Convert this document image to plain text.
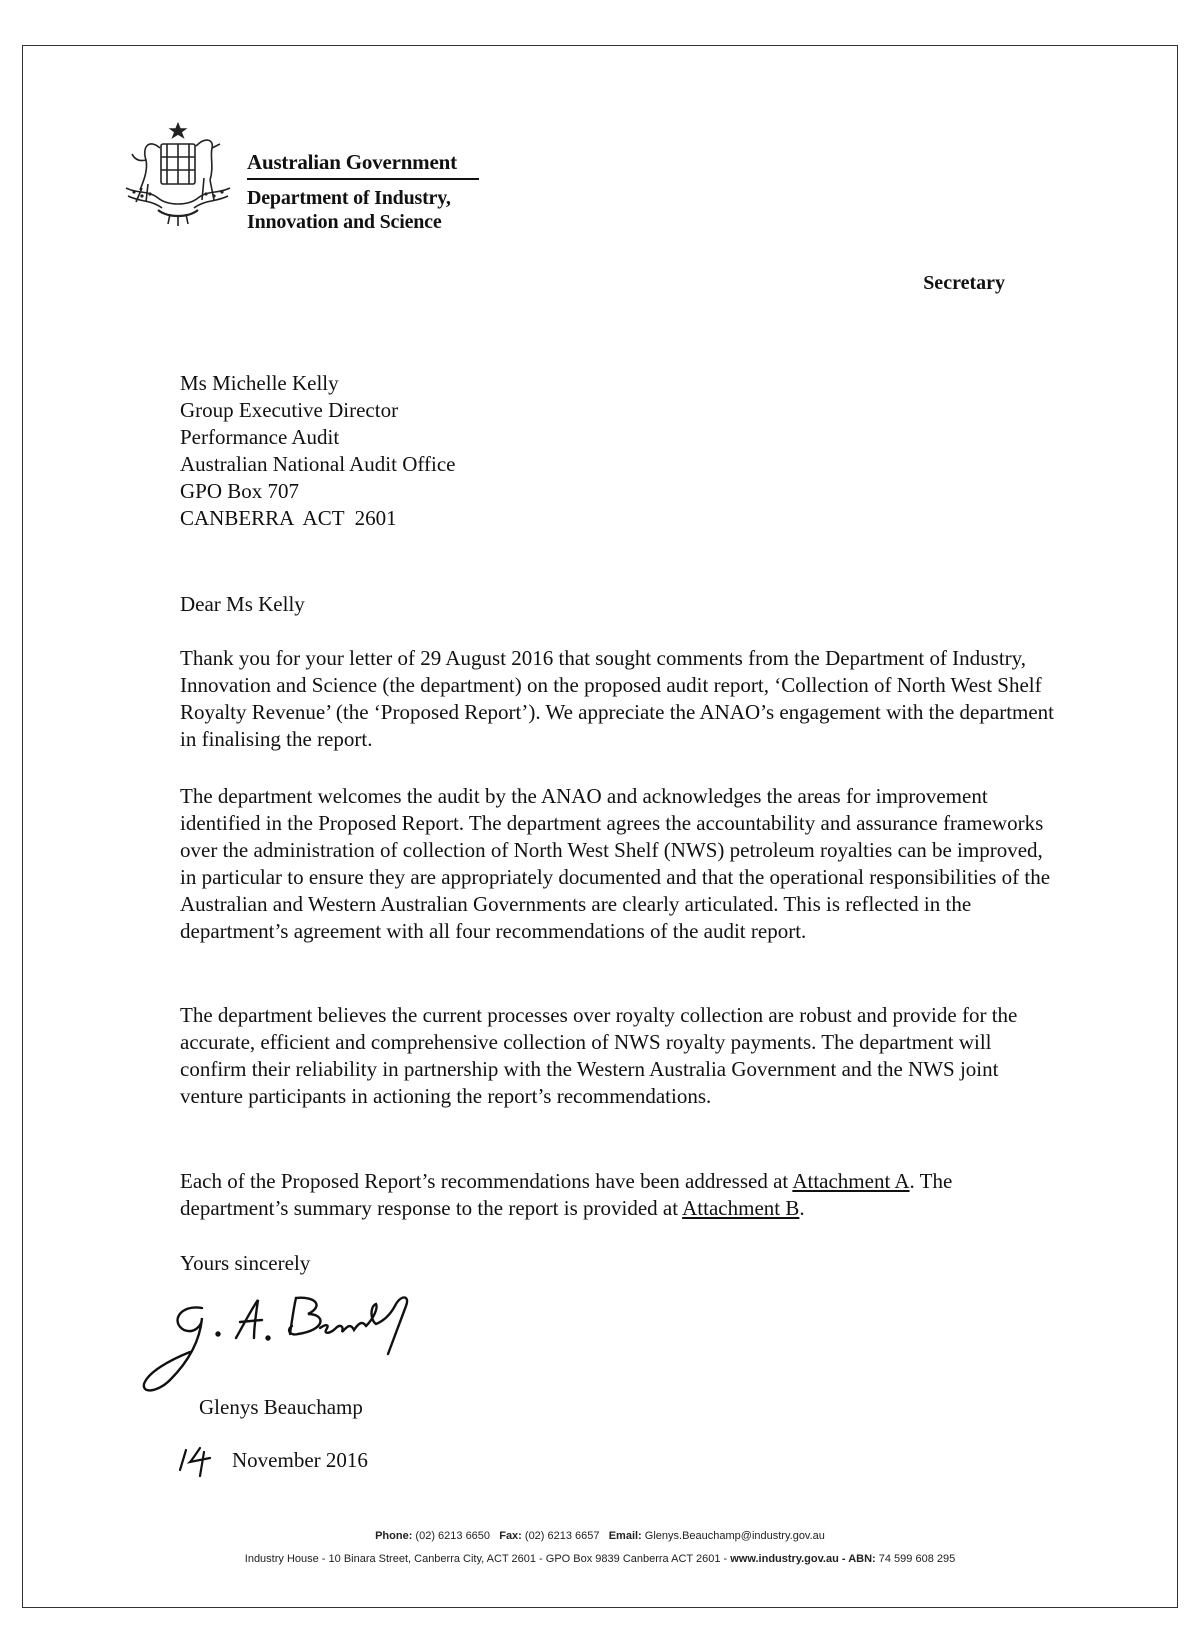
Australian Government
Department of Industry,
Innovation and Science
Secretary
Ms Michelle Kelly
Group Executive Director
Performance Audit
Australian National Audit Office
GPO Box 707
CANBERRA  ACT  2601
Dear Ms Kelly

Thank you for your letter of 29 August 2016 that sought comments from the Department of Industry, Innovation and Science (the department) on the proposed audit report, ‘Collection of North West Shelf Royalty Revenue’ (the ‘Proposed Report’). We appreciate the ANAO’s engagement with the department in finalising the report.

The department welcomes the audit by the ANAO and acknowledges the areas for improvement identified in the Proposed Report. The department agrees the accountability and assurance frameworks over the administration of collection of North West Shelf (NWS) petroleum royalties can be improved, in particular to ensure they are appropriately documented and that the operational responsibilities of the Australian and Western Australian Governments are clearly articulated. This is reflected in the department’s agreement with all four recommendations of the audit report.

The department believes the current processes over royalty collection are robust and provide for the accurate, efficient and comprehensive collection of NWS royalty payments. The department will confirm their reliability in partnership with the Western Australia Government and the NWS joint venture participants in actioning the report’s recommendations.

Each of the Proposed Report’s recommendations have been addressed at Attachment A. The department’s summary response to the report is provided at Attachment B.

Yours sincerely
Glenys Beauchamp
November 2016
Phone: (02) 6213 6650 Fax: (02) 6213 6657 Email: Glenys.Beauchamp@industry.gov.au
Industry House - 10 Binara Street, Canberra City, ACT 2601 - GPO Box 9839 Canberra ACT 2601 - www.industry.gov.au - ABN: 74 599 608 295
